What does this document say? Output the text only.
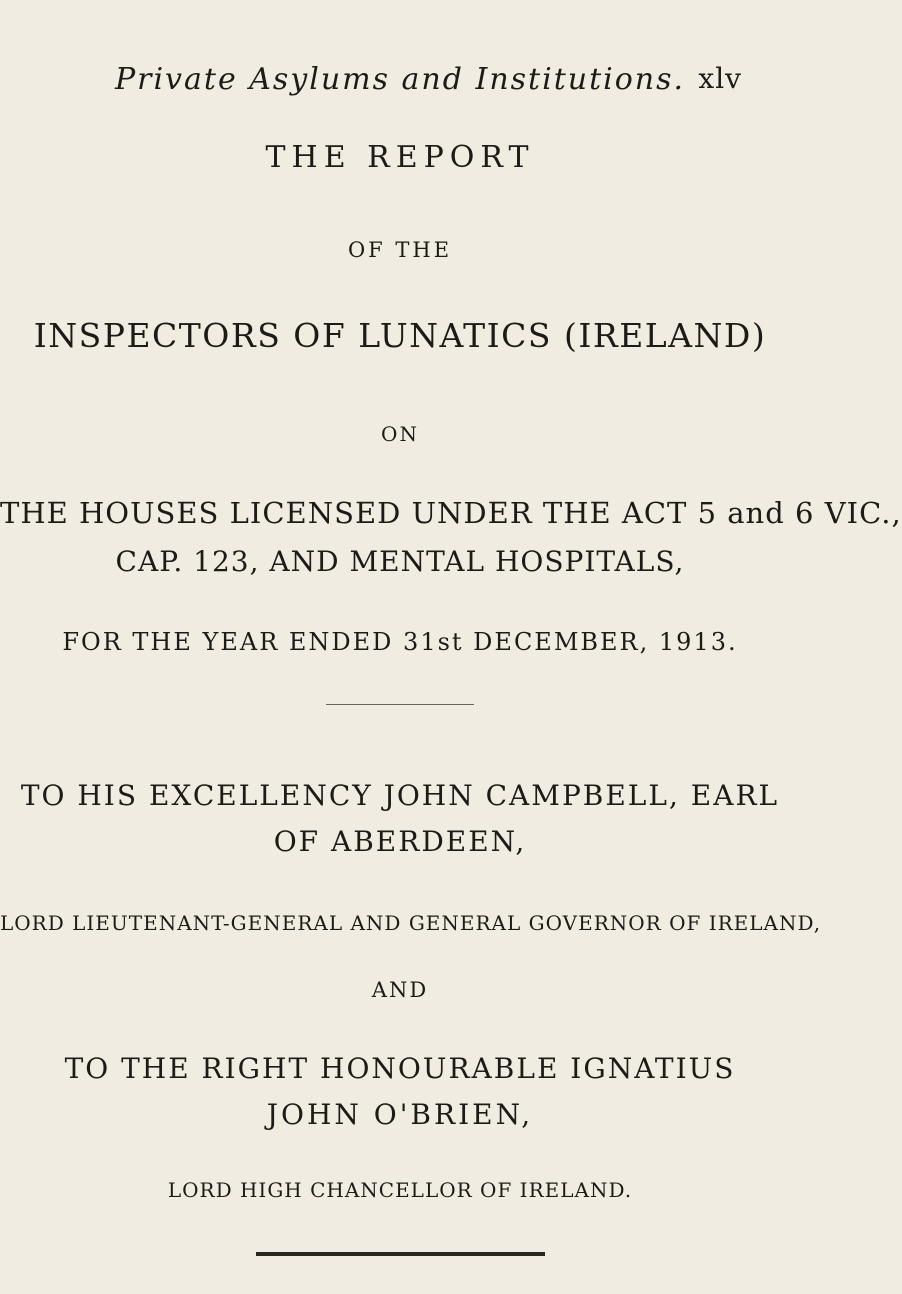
Private Asylums and Institutions. xlv
THE REPORT
OF THE
INSPECTORS OF LUNATICS (IRELAND)
ON
THE HOUSES LICENSED UNDER THE ACT 5 and 6 VIC.,
CAP. 123, AND MENTAL HOSPITALS,
FOR THE YEAR ENDED 31st DECEMBER, 1913.
TO HIS EXCELLENCY JOHN CAMPBELL, EARL
OF ABERDEEN,
LORD LIEUTENANT-GENERAL AND GENERAL GOVERNOR OF IRELAND,
AND
TO THE RIGHT HONOURABLE IGNATIUS
JOHN O'BRIEN,
LORD HIGH CHANCELLOR OF IRELAND.
